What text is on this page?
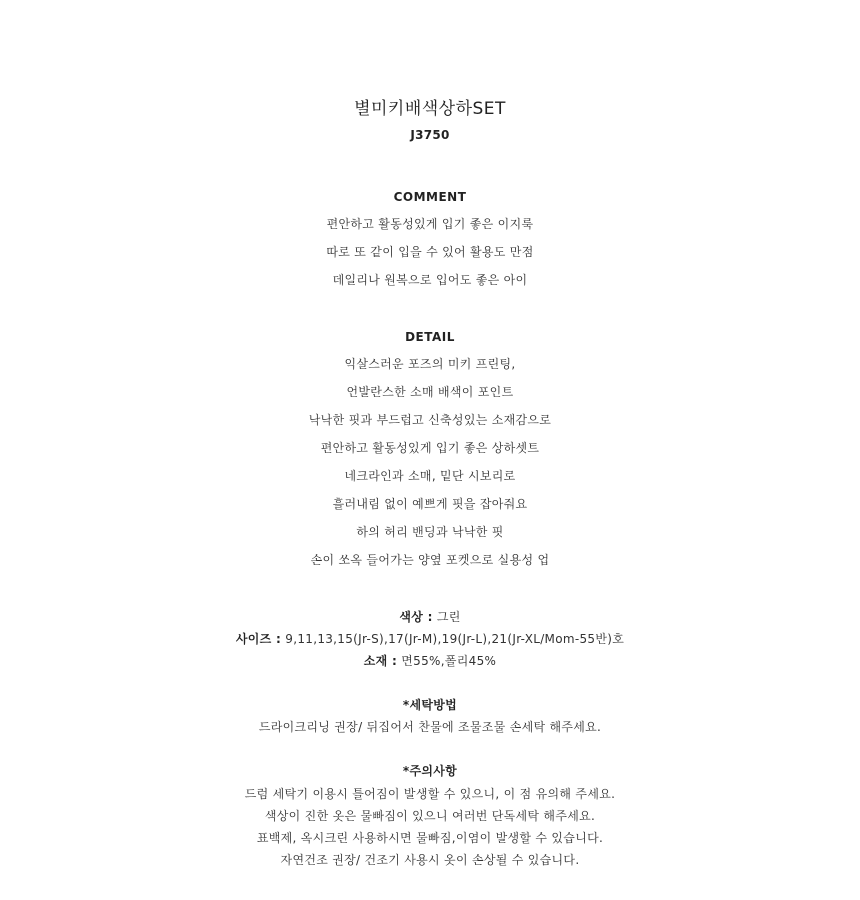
별미키배색상하SET
J3750
COMMENT
편안하고 활동성있게 입기 좋은 이지룩
따로 또 같이 입을 수 있어 활용도 만점
데일리나 원복으로 입어도 좋은 아이
DETAIL
익살스러운 포즈의 미키 프린팅,
언발란스한 소매 배색이 포인트
낙낙한 핏과 부드럽고 신축성있는 소재감으로
편안하고 활동성있게 입기 좋은 상하셋트
네크라인과 소매, 밑단 시보리로
흘러내림 없이 예쁘게 핏을 잡아줘요
하의 허리 밴딩과 낙낙한 핏
손이 쏘옥 들어가는 양옆 포켓으로 실용성 업
색상 : 그린
사이즈 : 9,11,13,15(Jr-S),17(Jr-M),19(Jr-L),21(Jr-XL/Mom-55반)호
소재 : 면55%,폴리45%
*세탁방법
드라이크리닝 권장/ 뒤집어서 찬물에 조물조물 손세탁 해주세요.
*주의사항
드럼 세탁기 이용시 틀어짐이 발생할 수 있으니, 이 점 유의해 주세요.
색상이 진한 옷은 물빠짐이 있으니 여러번 단독세탁 해주세요.
표백제, 옥시크린 사용하시면 물빠짐,이염이 발생할 수 있습니다.
자연건조 권장/ 건조기 사용시 옷이 손상될 수 있습니다.
